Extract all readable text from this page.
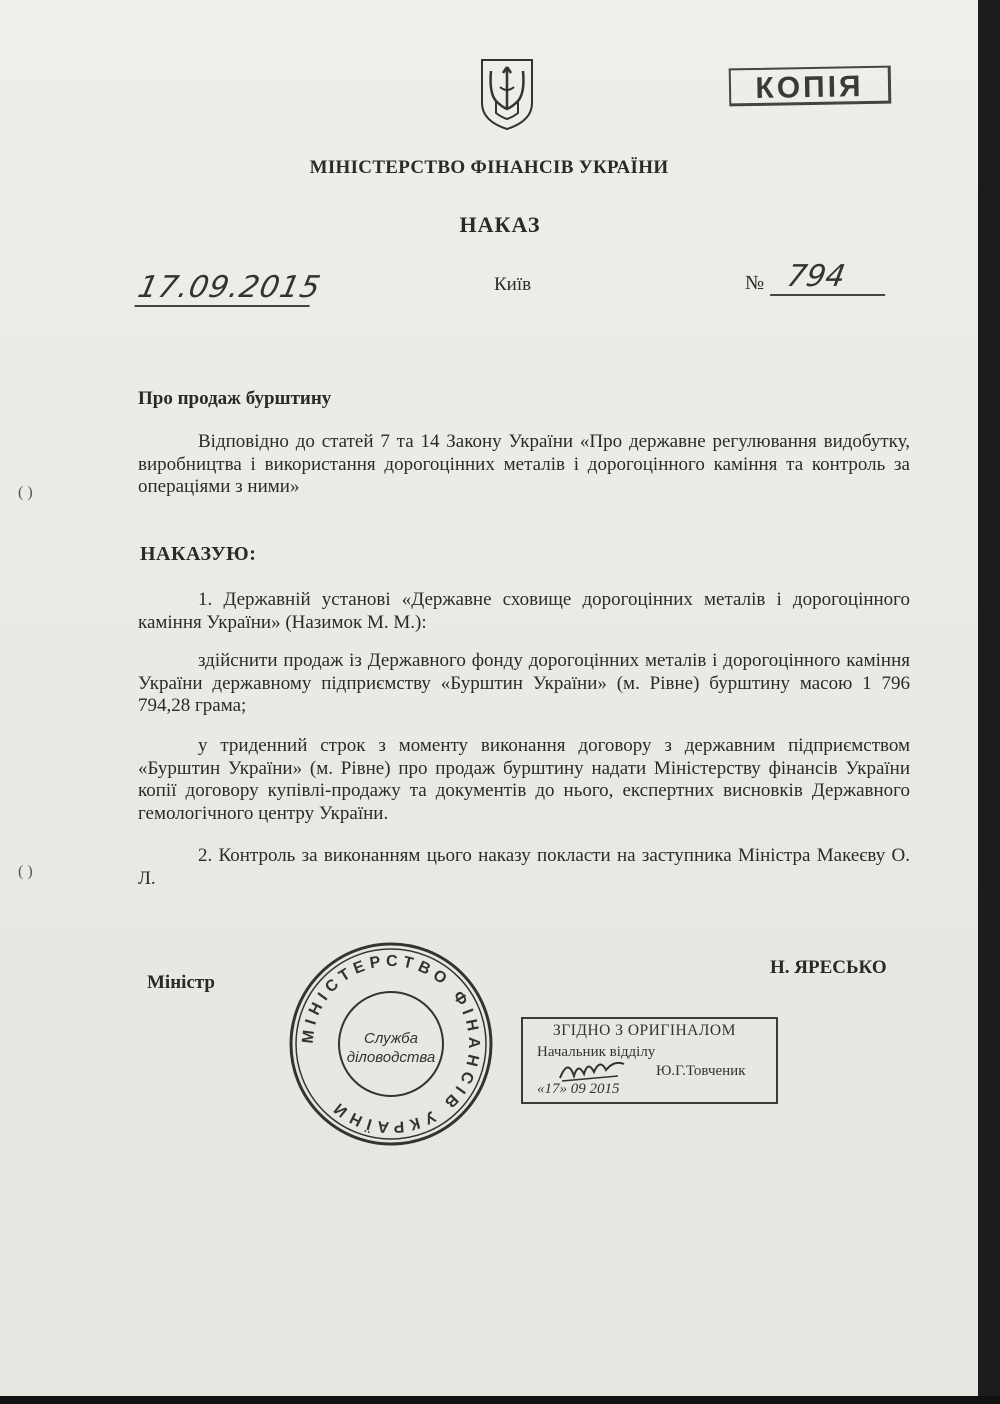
КОПІЯ
МІНІСТЕРСТВО ФІНАНСІВ УКРАЇНИ
НАКАЗ
17.09.2015	Київ	№ 794
Про продаж бурштину
Відповідно до статей 7 та 14 Закону України «Про державне регулювання видобутку, виробництва і використання дорогоцінних металів і дорогоцінного каміння та контроль за операціями з ними»
НАКАЗУЮ:
1. Державній установі «Державне сховище дорогоцінних металів і дорогоцінного каміння України» (Назимок М. М.):
здійснити продаж із Державного фонду дорогоцінних металів і дорогоцінного каміння України державному підприємству «Бурштин України» (м. Рівне) бурштину масою 1 796 794,28 грама;
у триденний строк з моменту виконання договору з державним підприємством «Бурштин України» (м. Рівне) про продаж бурштину надати Міністерству фінансів України копії договору купівлі-продажу та документів до нього, експертних висновків Державного гемологічного центру України.
2. Контроль за виконанням цього наказу покласти на заступника Міністра Макеєву О. Л.
Міністр
Н. ЯРЕСЬКО
МІНІСТЕРСТВО ФІНАНСІВ УКРАЇНИ
Служба
діловодства
ЗГІДНО З ОРИГІНАЛОМ
Начальник відділу
Ю.Г.Товченик
«17» 09 2015
( )
( )
